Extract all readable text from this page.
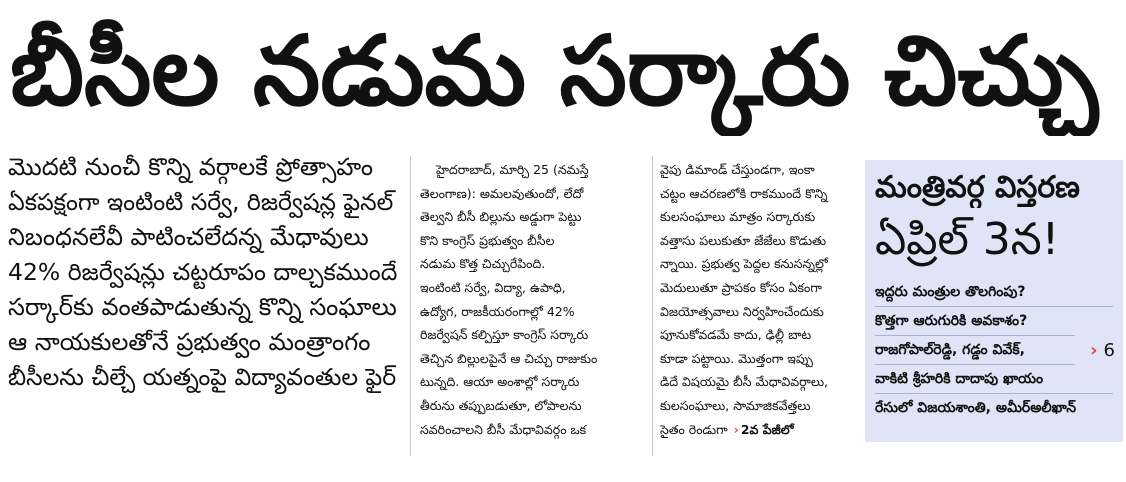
బీసీల నడుమ సర్కారు చిచ్చు
మొదటి నుంచీ కొన్ని వర్గాలకే ప్రోత్సాహం
ఏకపక్షంగా ఇంటింటి సర్వే, రిజర్వేషన్ల ఫైనల్
నిబంధనలేవీ పాటించలేదన్న మేధావులు
42% రిజర్వేషన్లు చట్టరూపం దాల్చకముందే
సర్కార్‌కు వంతపాడుతున్న కొన్ని సంఘాలు
ఆ నాయకులతోనే ప్రభుత్వం మంత్రాంగం
బీసీలను చీల్చే యత్నంపై విద్యావంతుల ఫైర్
హైదరాబాద్, మార్చి 25 (నమస్తే
తెలంగాణ): అమలవుతుందో, లేదో
తెల్వని బీసీ బిల్లును అడ్డుగా పెట్టు
కొని కాంగ్రెస్ ప్రభుత్వం బీసీల
నడుమ కొత్త చిచ్చురేపింది.
ఇంటింటి సర్వే, విద్యా, ఉపాధి,
ఉద్యోగ, రాజకీయరంగాల్లో 42%
రిజర్వేషన్ కల్పిస్తూ కాంగ్రెస్ సర్కారు
తెచ్చిన బిల్లులపైనే ఆ చిచ్చు రాజుకుం
టున్నది. ఆయా అంశాల్లో సర్కారు
తీరును తప్పుబడుతూ, లోపాలను
సవరించాలని బీసీ మేధావివర్గం ఒక
వైపు డిమాండ్ చేస్తుండగా, ఇంకా
చట్టం ఆచరణలోకి రాకముందే కొన్ని
కులసంఘాలు మాత్రం సర్కారుకు
వత్తాసు పలుకుతూ జేజేలు కొడుతు
న్నాయి. ప్రభుత్వ పెద్దల కనుసన్నల్లో
మెదులుతూ ప్రాపకం కోసం ఏకంగా
విజయోత్సవాలు నిర్వహించేందుకు
పూనుకోవడమే కాదు, ఢిల్లీ బాట
కూడా పట్టాయి. మొత్తంగా ఇప్పు
డిదే విషయమై బీసీ మేధావివర్గాలు,
కులసంఘాలు, సామాజికవేత్తలు
సైతం రెండుగా › 2వ పేజీలో
మంత్రివర్గ విస్తరణ
ఏప్రిల్ 3న!
ఇద్దరు మంత్రుల తొలగింపు?
కొత్తగా ఆరుగురికి అవకాశం?
రాజగోపాల్‌రెడ్డి, గడ్డం వివేక్,
వాకిటి శ్రీహరికి దాదాపు ఖాయం
రేసులో విజయశాంతి, అమీర్‌అలీఖాన్
› 6
